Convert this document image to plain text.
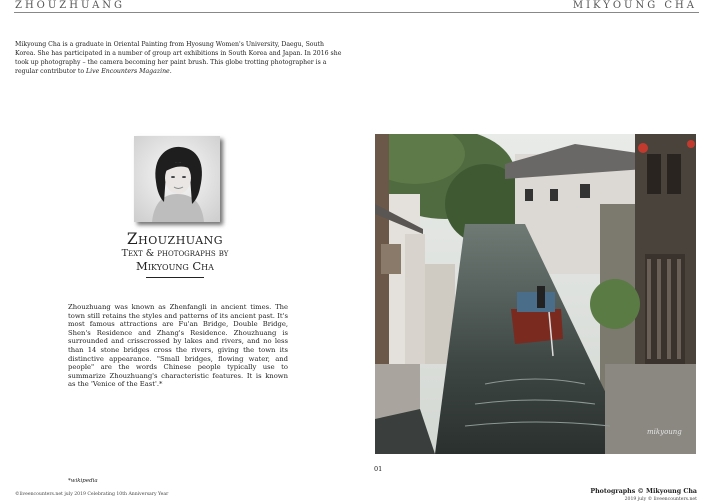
ZHOUZHUANG	MIKYOUNG CHA
Mikyoung Cha is a graduate in Oriental Painting from Hyosung Women's University, Daegu, South Korea. She has participated in a number of group art exhibitions in South Korea and Japan. In 2016 she took up photography – the camera becoming her paint brush. This globe trotting photographer is a regular contributor to Live Encounters Magazine.
Zhouzhuang
Text & photographs by
Mikyoung Cha
Zhouzhuang was known as Zhenfangli in ancient times. The town still retains the styles and patterns of its ancient past. It's most famous attractions are Fu'an Bridge, Double Bridge, Shen's Residence and Zhang's Residence. Zhouzhuang is surrounded and crisscrossed by lakes and rivers, and no less than 14 stone bridges cross the rivers, giving the town its distinctive appearance. "Small bridges, flowing water, and people" are the words Chinese people typically use to summarize Zhouzhuang's characteristic features. It is known as the 'Venice of the East'.*
*wikipedia
©liveencounters.net july 2019 Celebrating 10th Anniversary Year
01
Photographs © Mikyoung Cha
2019 july © liveencounters.net
mikyoung
